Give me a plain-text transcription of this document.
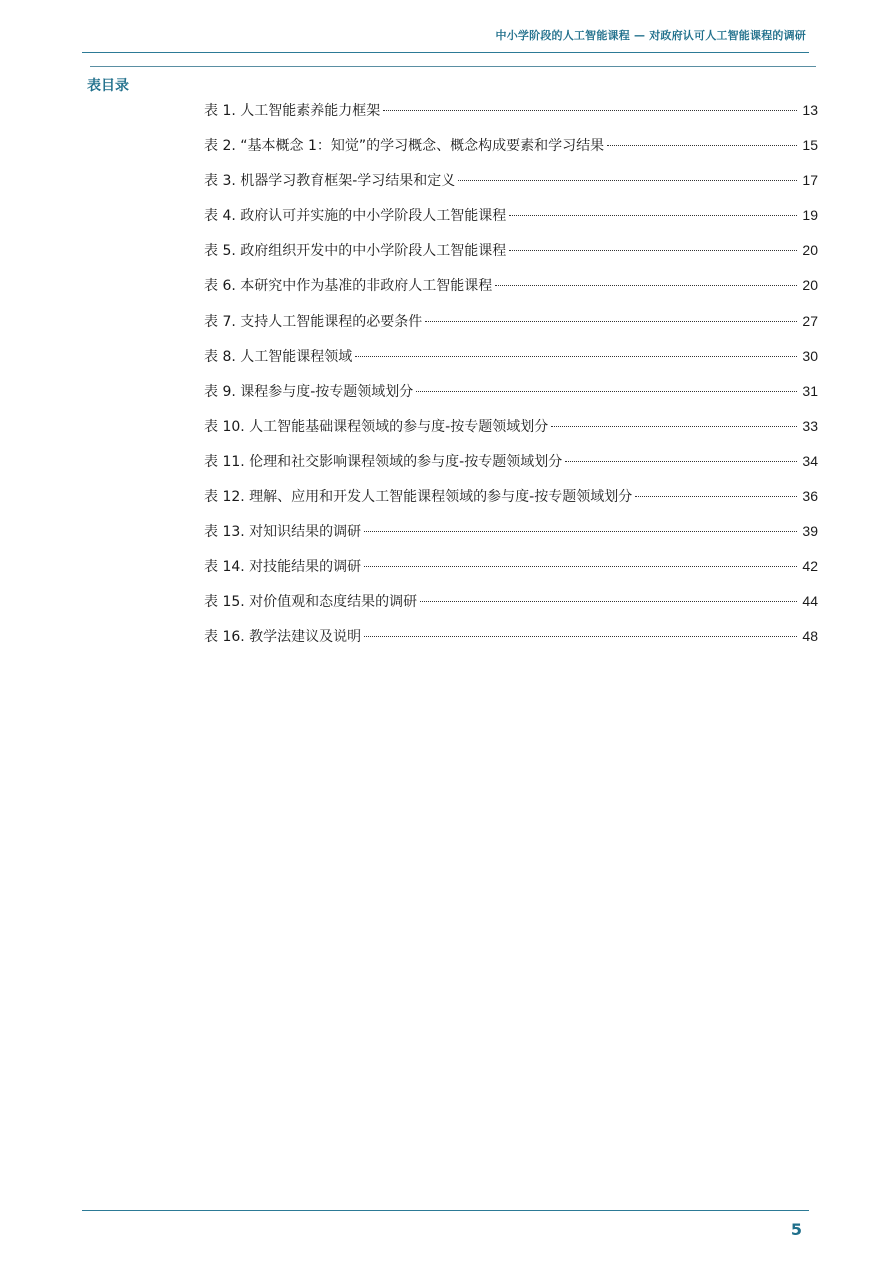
中小学阶段的人工智能课程 — 对政府认可人工智能课程的调研
表目录
表 1. 人工智能素养能力框架	13
表 2. “基本概念 1：知觉”的学习概念、概念构成要素和学习结果	15
表 3. 机器学习教育框架-学习结果和定义	17
表 4. 政府认可并实施的中小学阶段人工智能课程	19
表 5. 政府组织开发中的中小学阶段人工智能课程	20
表 6. 本研究中作为基准的非政府人工智能课程	20
表 7. 支持人工智能课程的必要条件	27
表 8. 人工智能课程领域	30
表 9. 课程参与度-按专题领域划分	31
表 10. 人工智能基础课程领域的参与度-按专题领域划分	33
表 11. 伦理和社交影响课程领域的参与度-按专题领域划分	34
表 12. 理解、应用和开发人工智能课程领域的参与度-按专题领域划分	36
表 13. 对知识结果的调研	39
表 14. 对技能结果的调研	42
表 15. 对价值观和态度结果的调研	44
表 16. 教学法建议及说明	48
5
